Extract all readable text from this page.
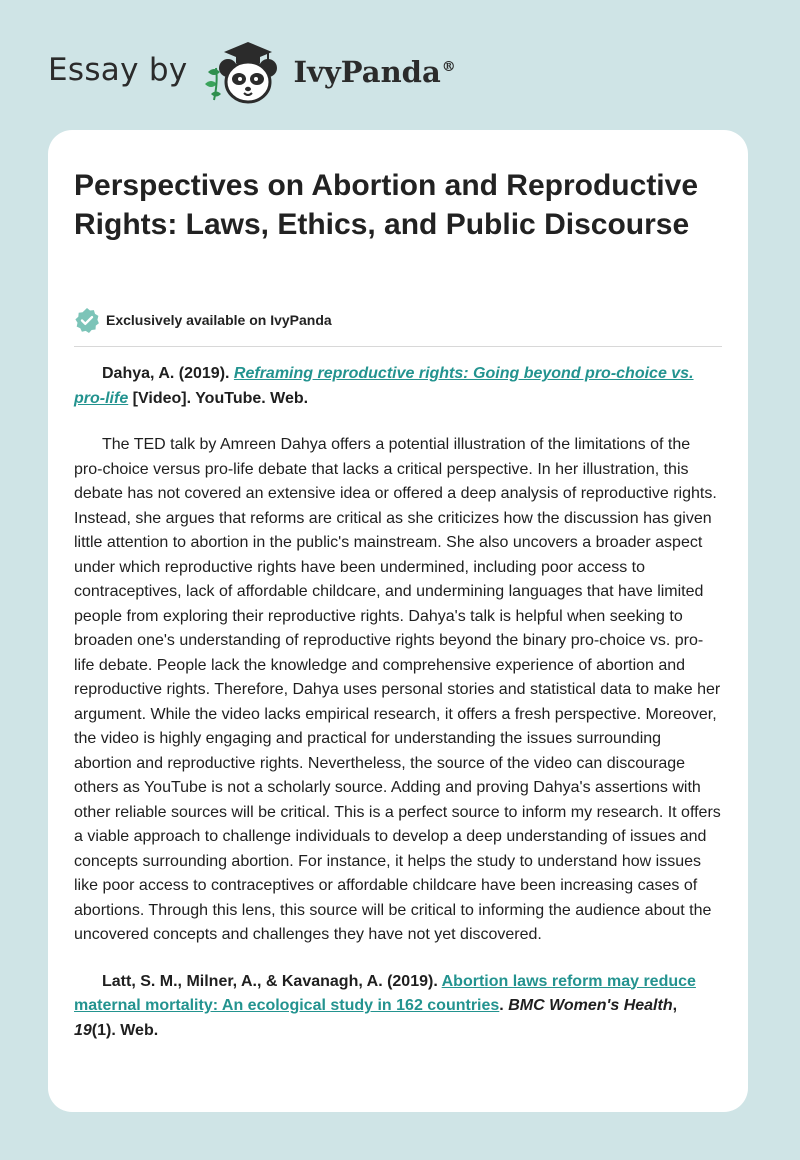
Essay by	IvyPanda®
Perspectives on Abortion and Reproductive Rights: Laws, Ethics, and Public Discourse
Exclusively available on IvyPanda

Dahya, A. (2019). Reframing reproductive rights: Going beyond pro-choice vs. pro-life [Video]. YouTube. Web.

The TED talk by Amreen Dahya offers a potential illustration of the limitations of the pro-choice versus pro-life debate that lacks a critical perspective. In her illustration, this debate has not covered an extensive idea or offered a deep analysis of reproductive rights. Instead, she argues that reforms are critical as she criticizes how the discussion has given little attention to abortion in the public's mainstream. She also uncovers a broader aspect under which reproductive rights have been undermined, including poor access to contraceptives, lack of affordable childcare, and undermining languages that have limited people from exploring their reproductive rights. Dahya's talk is helpful when seeking to broaden one's understanding of reproductive rights beyond the binary pro-choice vs. pro-life debate. People lack the knowledge and comprehensive experience of abortion and reproductive rights. Therefore, Dahya uses personal stories and statistical data to make her argument. While the video lacks empirical research, it offers a fresh perspective. Moreover, the video is highly engaging and practical for understanding the issues surrounding abortion and reproductive rights. Nevertheless, the source of the video can discourage others as YouTube is not a scholarly source. Adding and proving Dahya's assertions with other reliable sources will be critical. This is a perfect source to inform my research. It offers a viable approach to challenge individuals to develop a deep understanding of issues and concepts surrounding abortion. For instance, it helps the study to understand how issues like poor access to contraceptives or affordable childcare have been increasing cases of abortions. Through this lens, this source will be critical to informing the audience about the uncovered concepts and challenges they have not yet discovered.

Latt, S. M., Milner, A., & Kavanagh, A. (2019). Abortion laws reform may reduce maternal mortality: An ecological study in 162 countries. BMC Women's Health, 19(1). Web.
